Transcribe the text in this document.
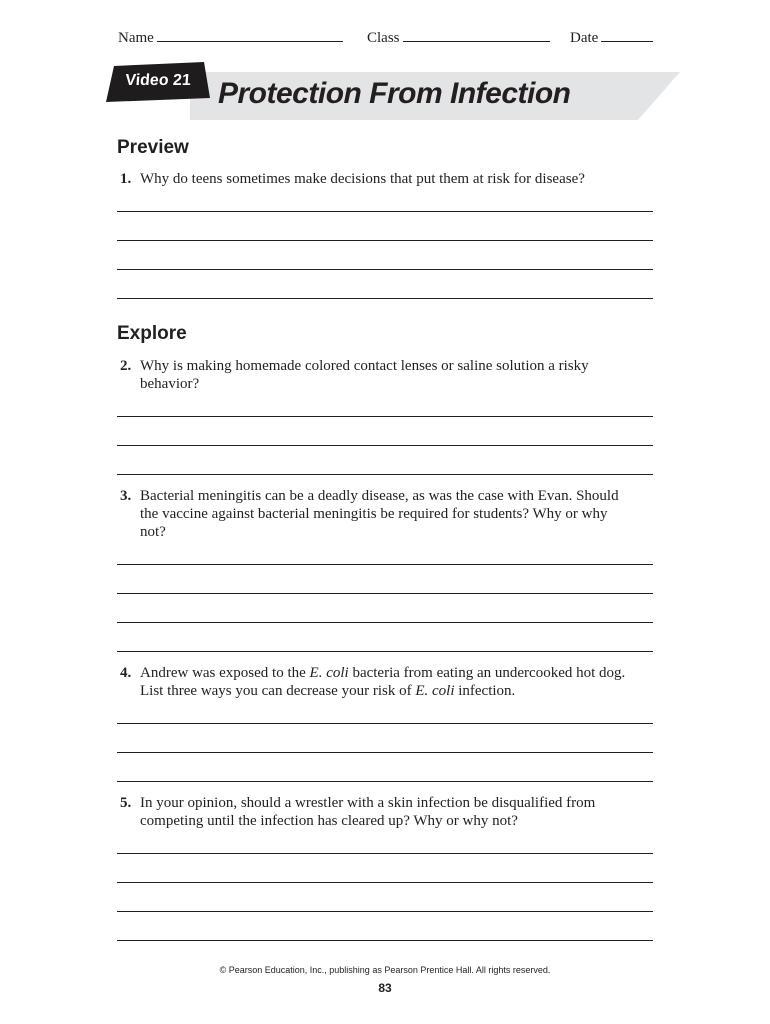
Name	Class	Date
Video 21 Protection From Infection
Preview
1. Why do teens sometimes make decisions that put them at risk for disease?
Explore
2. Why is making homemade colored contact lenses or saline solution a risky behavior?
3. Bacterial meningitis can be a deadly disease, as was the case with Evan. Should the vaccine against bacterial meningitis be required for students? Why or why not?
4. Andrew was exposed to the E. coli bacteria from eating an undercooked hot dog. List three ways you can decrease your risk of E. coli infection.
5. In your opinion, should a wrestler with a skin infection be disqualified from competing until the infection has cleared up? Why or why not?
© Pearson Education, Inc., publishing as Pearson Prentice Hall. All rights reserved.
83
